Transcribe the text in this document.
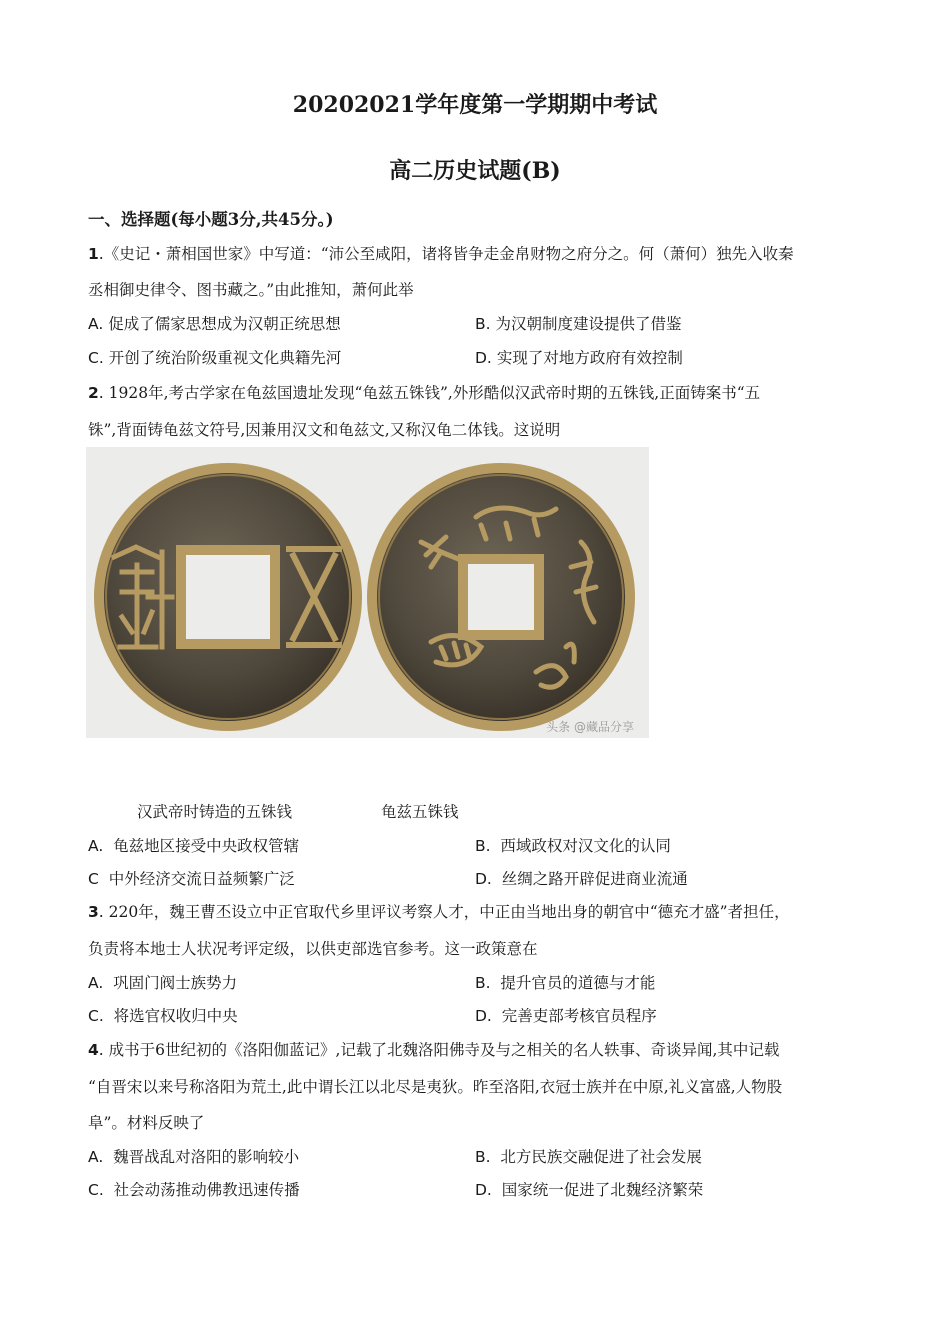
20202021学年度第一学期期中考试
高二历史试题(B)
一、选择题(每小题3分,共45分。)
1.《史记・萧相国世家》中写道：“沛公至咸阳，诸将皆争走金帛财物之府分之。何（萧何）独先入收秦
丞相御史律令、图书藏之。”由此推知，萧何此举
A. 促成了儒家思想成为汉朝正统思想	B. 为汉朝制度建设提供了借鉴
C. 开创了统治阶级重视文化典籍先河	D. 实现了对地方政府有效控制
2. 1928年,考古学家在龟兹国遗址发现“龟兹五铢钱”,外形酷似汉武帝时期的五铢钱,正面铸案书“五
铢”,背面铸龟兹文符号,因兼用汉文和龟兹文,又称汉龟二体钱。这说明
头条 @藏品分享
汉武帝时铸造的五铢钱	龟兹五铢钱
A. 龟兹地区接受中央政权管辖	B. 西域政权对汉文化的认同
C 中外经济交流日益频繁广泛	D. 丝绸之路开辟促进商业流通
3. 220年，魏王曹丕设立中正官取代乡里评议考察人才，中正由当地出身的朝官中“德充才盛”者担任，
负责将本地士人状况考评定级，以供吏部选官参考。这一政策意在
A. 巩固门阀士族势力	B. 提升官员的道德与才能
C. 将选官权收归中央	D. 完善吏部考核官员程序
4. 成书于6世纪初的《洛阳伽蓝记》,记载了北魏洛阳佛寺及与之相关的名人轶事、奇谈异闻,其中记载
“自晋宋以来号称洛阳为荒土,此中谓长江以北尽是夷狄。昨至洛阳,衣冠士族并在中原,礼义富盛,人物股
阜”。材料反映了
A. 魏晋战乱对洛阳的影响较小	B. 北方民族交融促进了社会发展
C. 社会动荡推动佛教迅速传播	D. 国家统一促进了北魏经济繁荣
